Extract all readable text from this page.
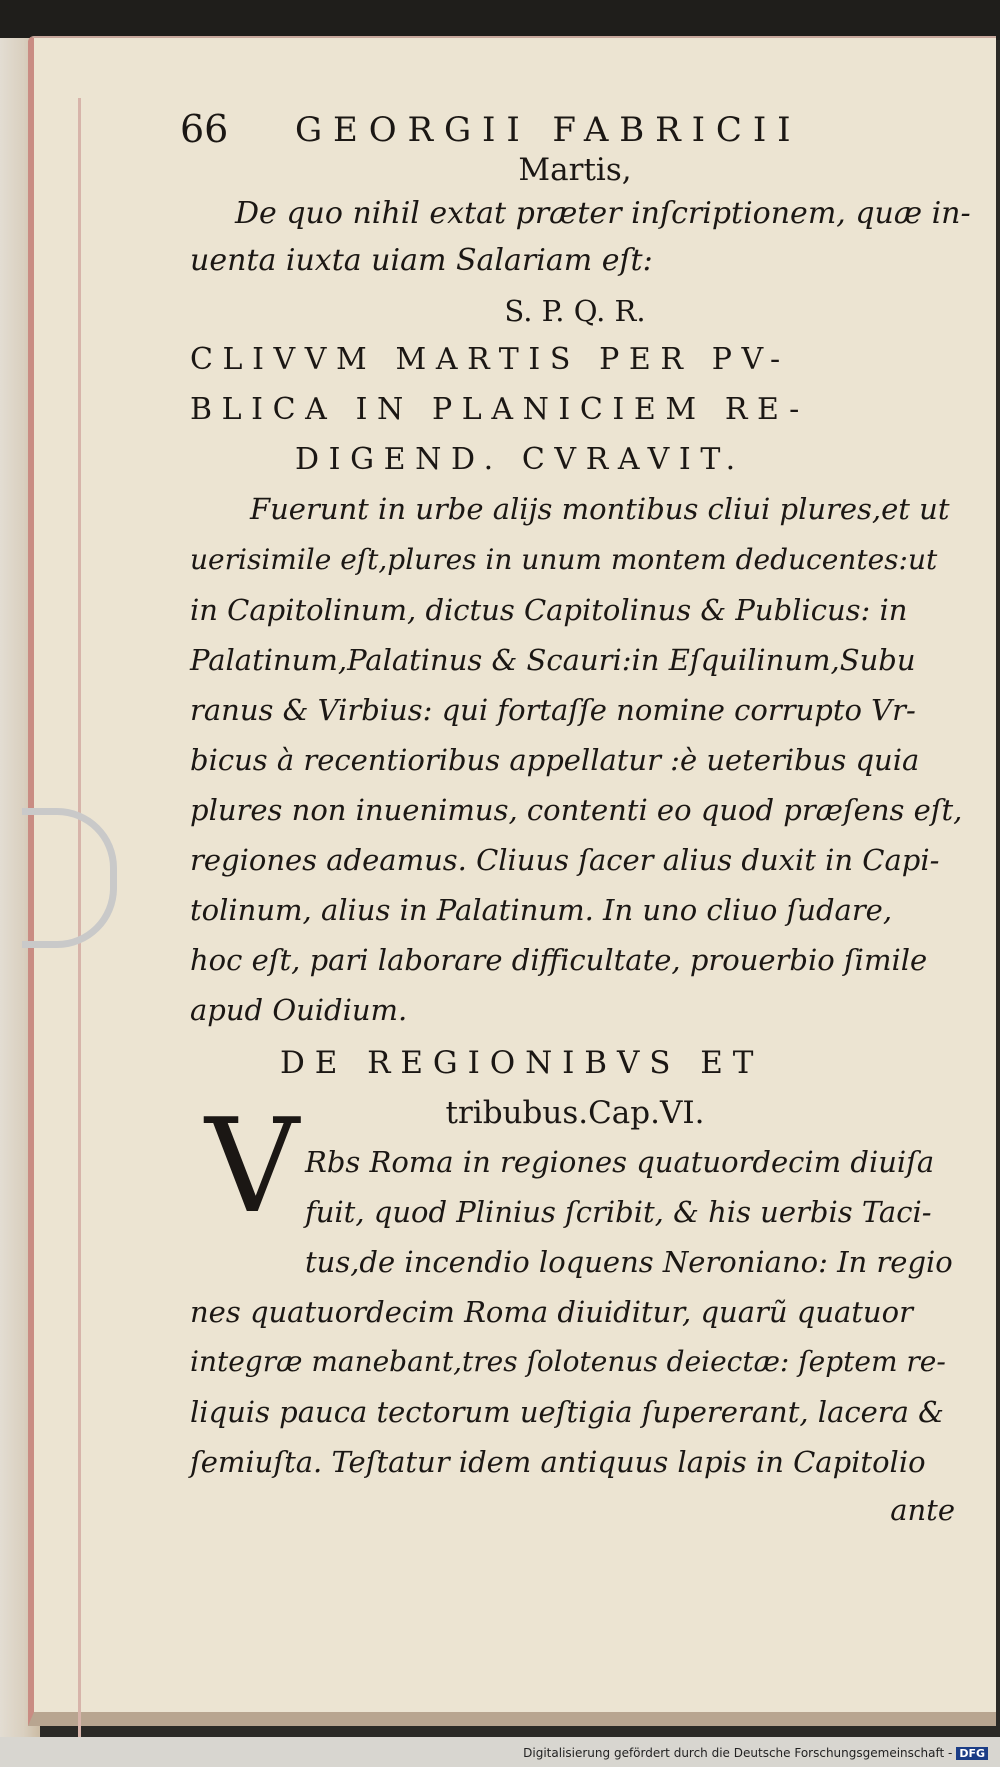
66 GEORGII FABRICII
Martis,
De quo nihil extat præter inſcriptionem, quæ in-
uenta iuxta uiam Salariam eſt:
S. P. Q. R.
CLIVVM MARTIS PER PV-
BLICA IN PLANICIEM RE-
DIGEND. CVRAVIT.
Fuerunt in urbe alijs montibus cliui plures,et ut
uerisimile eſt,plures in unum montem deducentes:ut
in Capitolinum, dictus Capitolinus & Publicus: in
Palatinum,Palatinus & Scauri:in Eſquilinum,Subu
ranus & Virbius: qui fortaſſe nomine corrupto Vr-
bicus à recentioribus appellatur :è ueteribus quia
plures non inuenimus, contenti eo quod præſens eſt,
regiones adeamus. Cliuus ſacer alius duxit in Capi-
tolinum, alius in Palatinum. In uno cliuo ſudare,
hoc eſt, pari laborare difficultate, prouerbio ſimile
apud Ouidium.
DE REGIONIBVS ET
tribubus.Cap.VI.
Rbs Roma in regiones quatuordecim diuiſa
fuit, quod Plinius ſcribit, & his uerbis Taci-
tus,de incendio loquens Neroniano: In regio
nes quatuordecim Roma diuiditur, quarũ quatuor
integræ manebant,tres ſolotenus deiectæ: ſeptem re-
liquis pauca tectorum ueſtigia ſupererant, lacera &
ſemiuſta. Teſtatur idem antiquus lapis in Capitolio
ante
V
Digitalisierung gefördert durch die Deutsche Forschungsgemeinschaft - DFG
